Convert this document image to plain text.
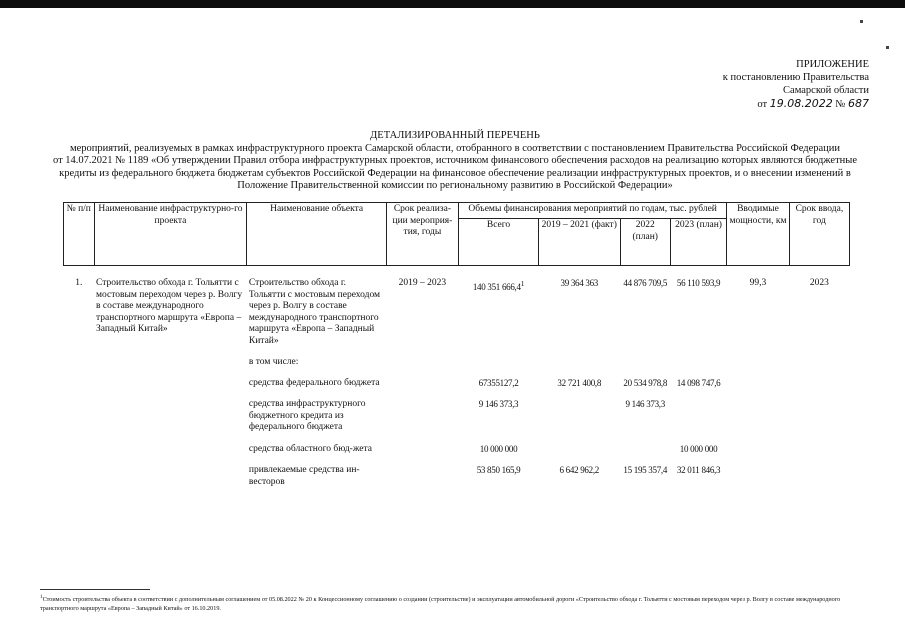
ПРИЛОЖЕНИЕ
к постановлению Правительства
Самарской области
от 19.08.2022 № 687
ДЕТАЛИЗИРОВАННЫЙ ПЕРЕЧЕНЬ
мероприятий, реализуемых в рамках инфраструктурного проекта Самарской области, отобранного в соответствии с постановлением Правительства Российской Федерации
от 14.07.2021 № 1189 «Об утверждении Правил отбора инфраструктурных проектов, источником финансового обеспечения расходов на реализацию которых являются бюджетные
кредиты из федерального бюджета бюджетам субъектов Российской Федерации на финансовое обеспечение реализации инфраструктурных проектов, и о внесении изменений в
Положение Правительственной комиссии по региональному развитию в Российской Федерации»
№ п/п	Наименование инфраструктурно-го проекта	Наименование объекта	Срок реализа-ции мероприя-тия, годы	Объемы финансирования мероприятий по годам, тыс. рублей				Вводимые мощности, км	Срок ввода, год
				Всего	2019 – 2021 (факт)	2022 (план)	2023 (план)		
1.	Строительство обхода г. Тольятти с мостовым переходом через р. Волгу в составе международного транспортного маршрута «Европа – Западный Китай»	Строительство обхода г. Тольятти с мостовым переходом через р. Волгу в составе международного транспортного маршрута «Европа – Западный Китай»	2019 – 2023	140 351 666,4$^1$	39 364 363	44 876 709,5	56 110 593,9	99,3	2023
		в том числе:							
		средства федерального бюджета		67355127,2	32 721 400,8	20 534 978,8	14 098 747,6		
		средства инфраструктурного бюджетного кредита из федерального бюджета		9 146 373,3		9 146 373,3			
		средства областного бюд-жета		10 000 000			10 000 000		
		привлекаемые средства ин-весторов		53 850 165,9	6 642 962,2	15 195 357,4	32 011 846,3		
$^1$Стоимость строительства объекта в соответствии с дополнительным соглашением от 05.08.2022 № 20 к Концессионному соглашению о создании (строительстве) и эксплуатации автомобильной дороги «Строительство обхода г. Тольятти с мостовым переходом через р. Волгу в составе международного транспортного маршрута «Европа – Западный Китай» от 16.10.2019.
